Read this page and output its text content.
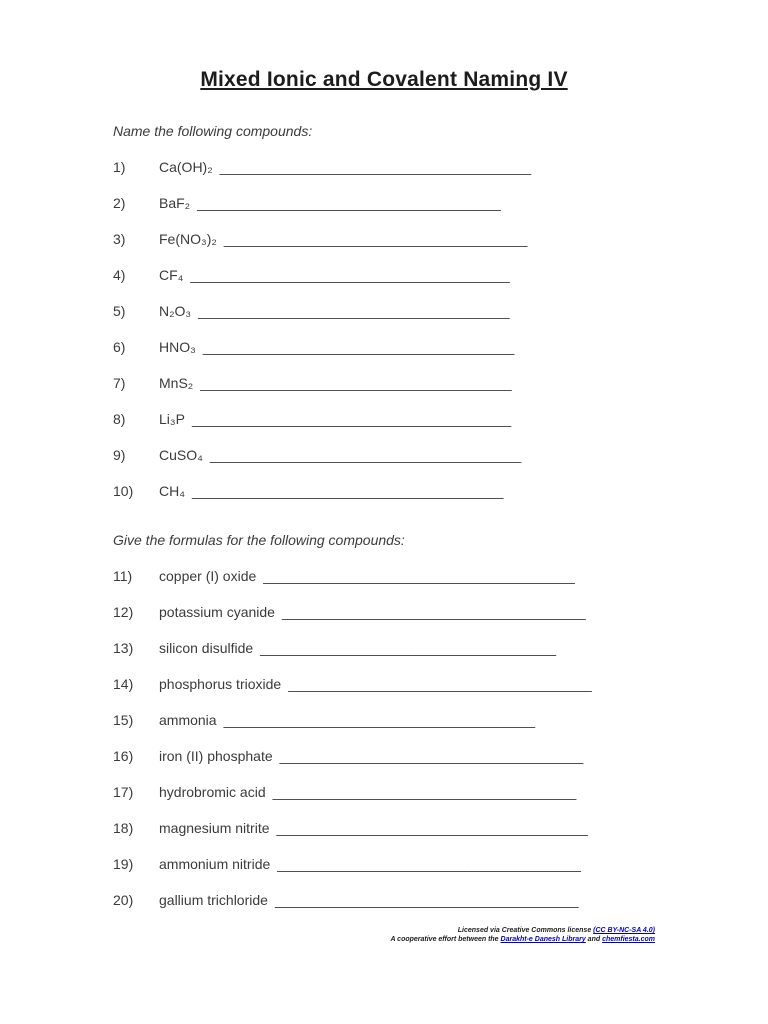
Mixed Ionic and Covalent Naming IV

Name the following compounds:

1)	Ca(OH)₂ ________________________________________
2)	BaF₂ _______________________________________
3)	Fe(NO₃)₂ _______________________________________
4)	CF₄ _________________________________________
5)	N₂O₃ ________________________________________
6)	HNO₃ ________________________________________
7)	MnS₂ ________________________________________
8)	Li₃P _________________________________________
9)	CuSO₄ ________________________________________
10)	CH₄ ________________________________________

Give the formulas for the following compounds:

11)	copper (I) oxide ________________________________________
12)	potassium cyanide _______________________________________
13)	silicon disulfide ______________________________________
14)	phosphorus trioxide _______________________________________
15)	ammonia ________________________________________
16)	iron (II) phosphate _______________________________________
17)	hydrobromic acid _______________________________________
18)	magnesium nitrite ________________________________________
19)	ammonium nitride _______________________________________
20)	gallium trichloride _______________________________________
Licensed via Creative Commons license (CC BY-NC-SA 4.0)
A cooperative effort between the Darakht-e Danesh Library and chemfiesta.com
